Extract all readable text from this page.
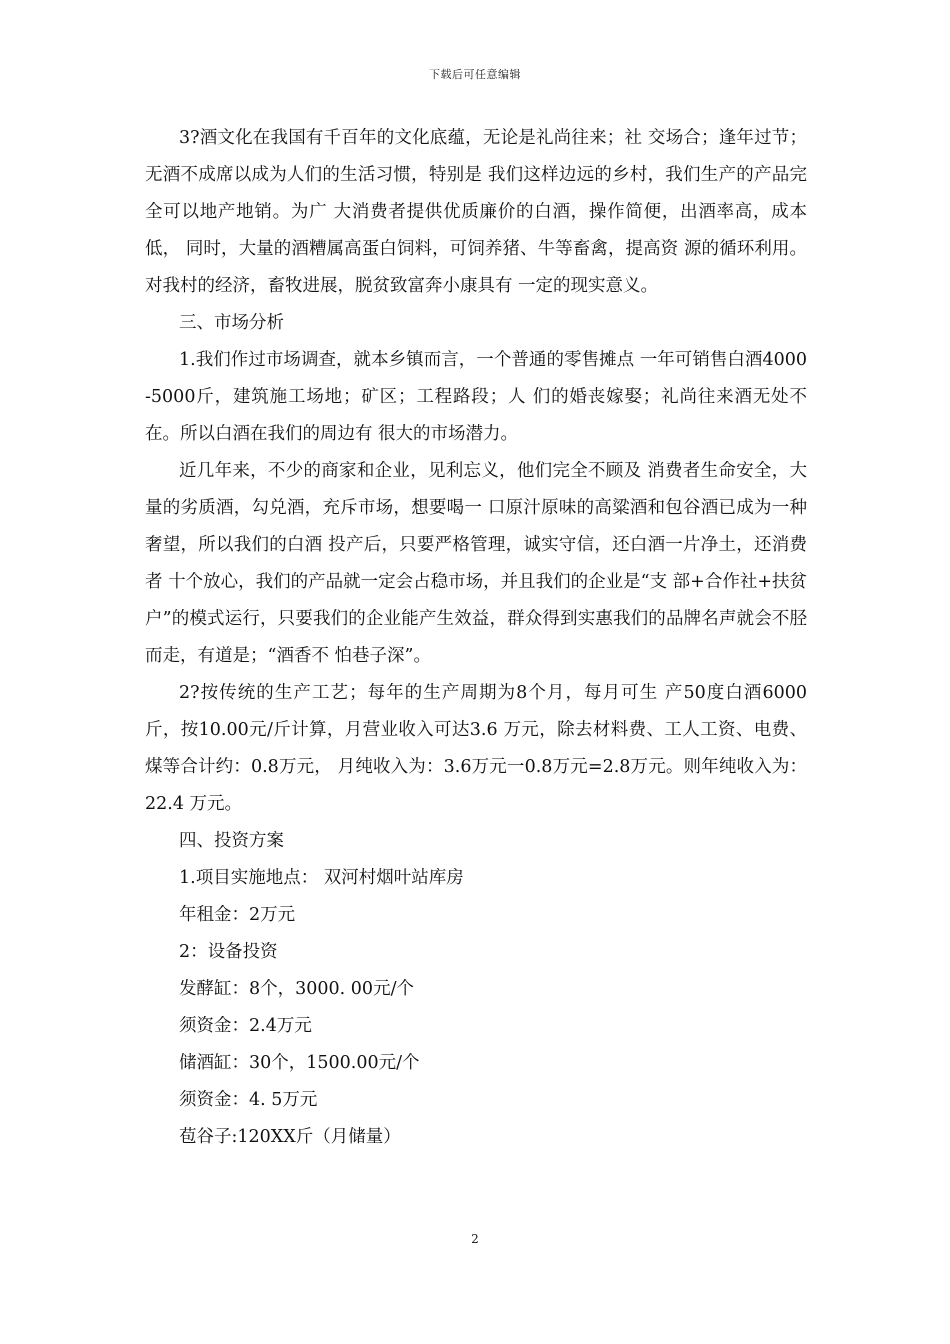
下载后可任意编辑

3?酒文化在我国有千百年的文化底蕴，无论是礼尚往来；社 交场合；逢年过节；无酒不成席以成为人们的生活习惯，特别是 我们这样边远的乡村，我们生产的产品完全可以地产地销。为广 大消费者提供优质廉价的白酒，操作简便，出酒率高，成本低， 同时，大量的酒糟属高蛋白饲料，可饲养猪、牛等畜禽，提高资 源的循环利用。对我村的经济，畜牧进展，脱贫致富奔小康具有 一定的现实意义。

三、市场分析

1.我们作过市场调查，就本乡镇而言，一个普通的零售摊点 一年可销售白酒4000-5000斤，建筑施工场地；矿区；工程路段；人 们的婚丧嫁娶；礼尚往来酒无处不在。所以白酒在我们的周边有 很大的市场潜力。

近几年来，不少的商家和企业，见利忘义，他们完全不顾及 消费者生命安全，大量的劣质酒，勾兑酒，充斥市场，想要喝一 口原汁原味的高粱酒和包谷酒已成为一种奢望，所以我们的白酒 投产后，只要严格管理，诚实守信，还白酒一片净土，还消费者 十个放心，我们的产品就一定会占稳市场，并且我们的企业是“支 部+合作社+扶贫户”的模式运行，只要我们的企业能产生效益，群众得到实惠我们的品牌名声就会不胫而走，有道是；“酒香不 怕巷子深”。

2?按传统的生产工艺；每年的生产周期为8个月，每月可生 产50度白酒6000斤，按10.00元/斤计算，月营业收入可达3.6 万元，除去材料费、工人工资、电费、煤等合计约：0.8万元， 月纯收入为：3.6万元一0.8万元=2.8万元。则年纯收入为：22.4 万元。

四、投资方案

1.项目实施地点： 双河村烟叶站库房

年租金：2万元

2：设备投资

发酵缸：8个，3000. 00元/个

须资金：2.4万元

储酒缸：30个，1500.00元/个

须资金：4. 5万元

苞谷子:120XX斤（月储量）

2
